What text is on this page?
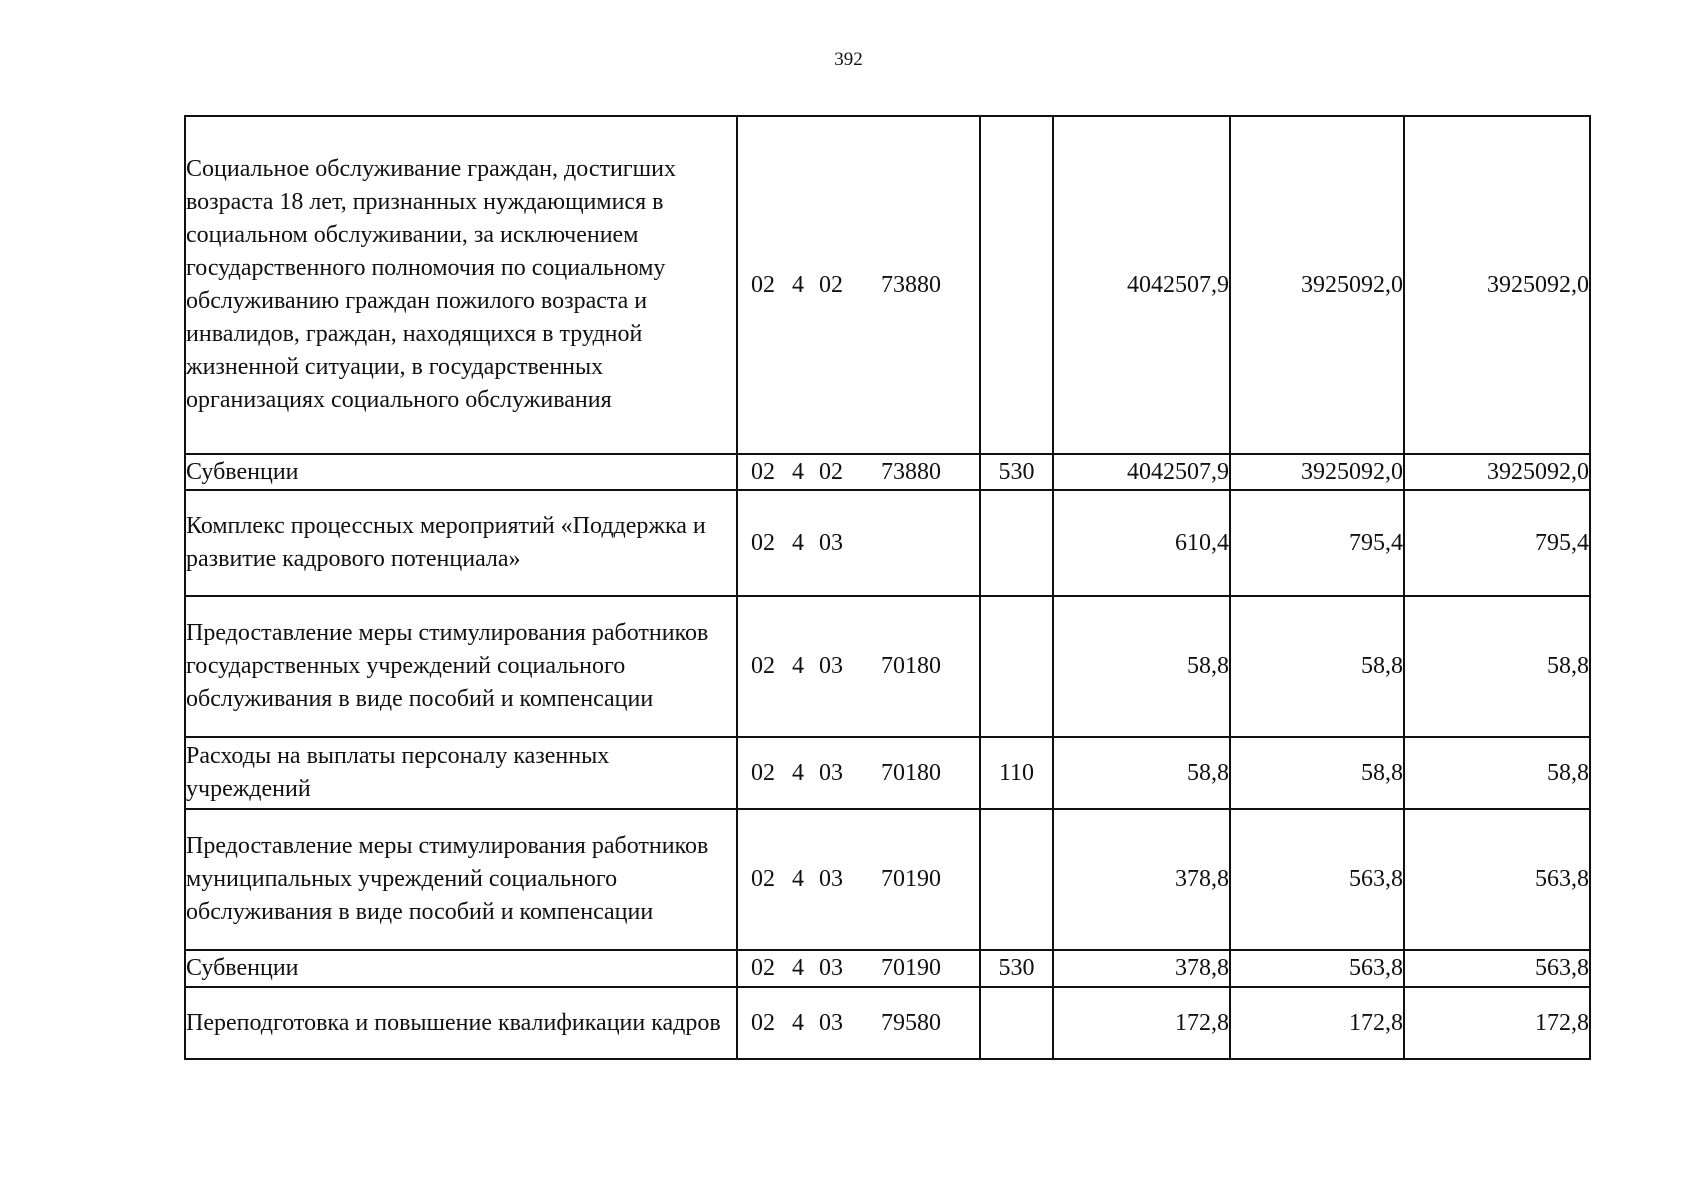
392
Социальное обслуживание граждан, достигших возраста 18 лет, признанных нуждающимися в социальном обслуживании, за исключением государственного полномочия по социальному обслуживанию граждан пожилого возраста и инвалидов, граждан, находящихся в трудной жизненной ситуации, в государственных организациях социального обслуживания	02 4 02 73880		4042507,9	3925092,0	3925092,0
Субвенции	02 4 02 73880	530	4042507,9	3925092,0	3925092,0
Комплекс процессных мероприятий «Поддержка и развитие кадрового потенциала»	02 4 03		610,4	795,4	795,4
Предоставление меры стимулирования работников государственных учреждений социального обслуживания в виде пособий и компенсации	02 4 03 70180		58,8	58,8	58,8
Расходы на выплаты персоналу казенных учреждений	02 4 03 70180	110	58,8	58,8	58,8
Предоставление меры стимулирования работников муниципальных учреждений социального обслуживания в виде пособий и компенсации	02 4 03 70190		378,8	563,8	563,8
Субвенции	02 4 03 70190	530	378,8	563,8	563,8
Переподготовка и повышение квалификации кадров	02 4 03 79580		172,8	172,8	172,8
